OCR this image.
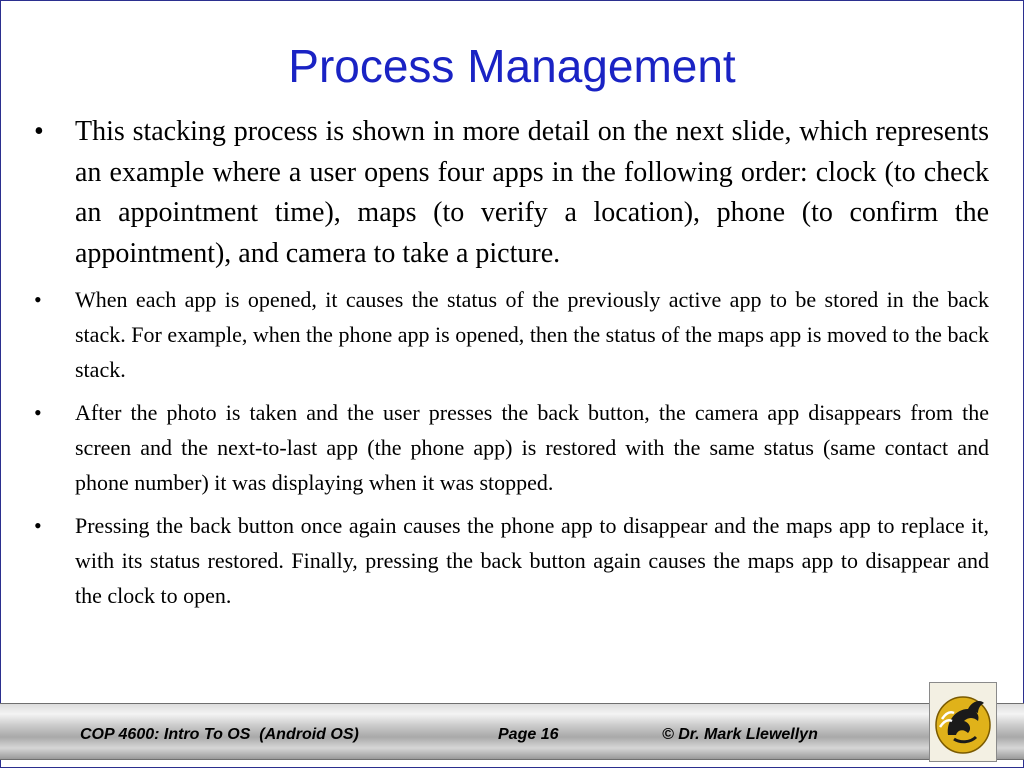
Process Management
• This stacking process is shown in more detail on the next slide, which represents an example where a user opens four apps in the following order: clock (to check an appointment time), maps (to verify a location), phone (to confirm the appointment), and camera to take a picture.
• When each app is opened, it causes the status of the previously active app to be stored in the back stack. For example, when the phone app is opened, then the status of the maps app is moved to the back stack.
• After the photo is taken and the user presses the back button, the camera app disappears from the screen and the next-to-last app (the phone app) is restored with the same status (same contact and phone number) it was displaying when it was stopped.
• Pressing the back button once again causes the phone app to disappear and the maps app to replace it, with its status restored. Finally, pressing the back button again causes the maps app to disappear and the clock to open.
COP 4600: Intro To OS  (Android OS)	Page 16	© Dr. Mark Llewellyn
